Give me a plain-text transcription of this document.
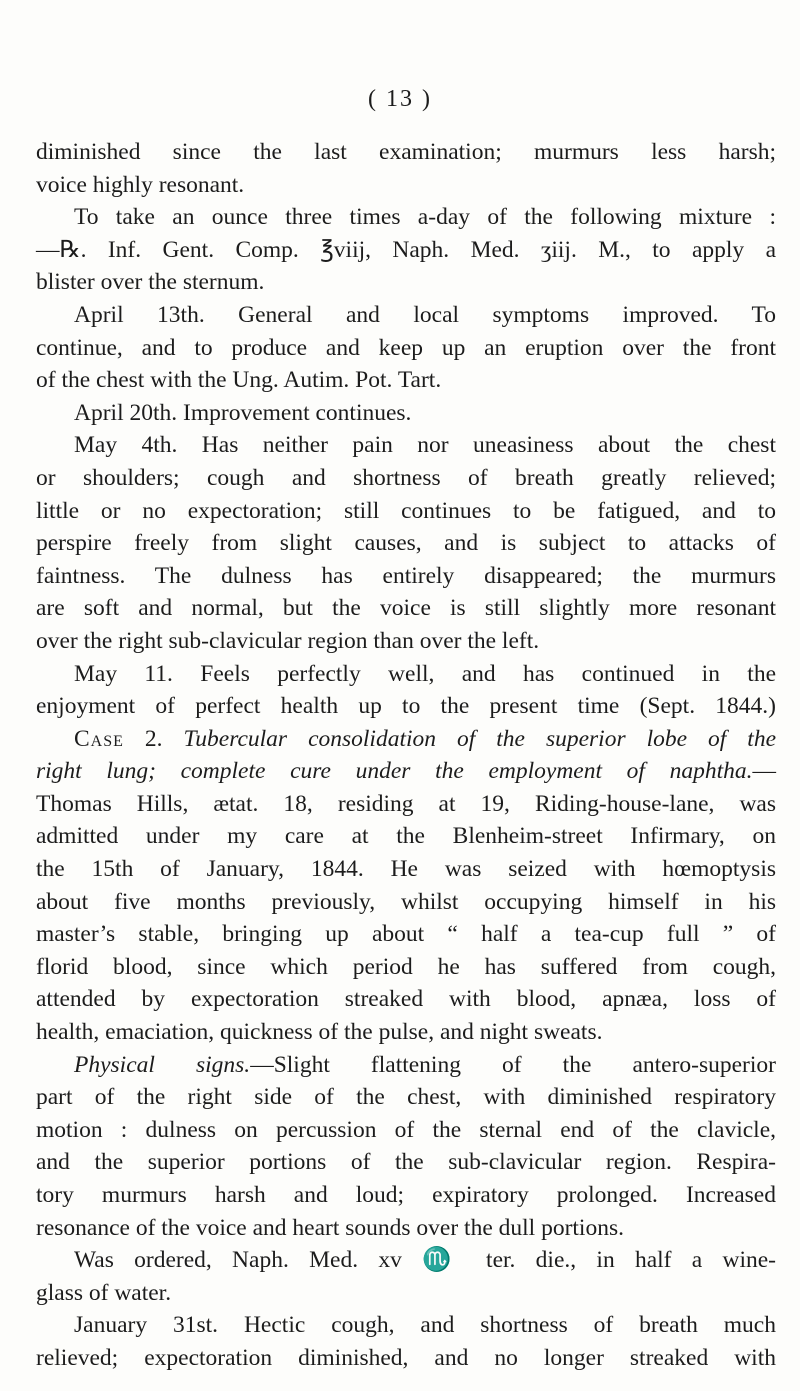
( 13 )
diminished since the last examination; murmurs less harsh;
voice highly resonant.
To take an ounce three times a-day of the following mixture :
—℞. Inf. Gent. Comp. ℥viij, Naph. Med. ʒiij. M., to apply a
blister over the sternum.
April 13th. General and local symptoms improved. To
continue, and to produce and keep up an eruption over the front
of the chest with the Ung. Autim. Pot. Tart.
April 20th. Improvement continues.
May 4th. Has neither pain nor uneasiness about the chest
or shoulders; cough and shortness of breath greatly relieved;
little or no expectoration; still continues to be fatigued, and to
perspire freely from slight causes, and is subject to attacks of
faintness. The dulness has entirely disappeared; the murmurs
are soft and normal, but the voice is still slightly more resonant
over the right sub-clavicular region than over the left.
May 11. Feels perfectly well, and has continued in the
enjoyment of perfect health up to the present time (Sept. 1844.)
Case 2. Tubercular consolidation of the superior lobe of the
right lung; complete cure under the employment of naphtha.—
Thomas Hills, ætat. 18, residing at 19, Riding-house-lane, was
admitted under my care at the Blenheim-street Infirmary, on
the 15th of January, 1844. He was seized with hœmoptysis
about five months previously, whilst occupying himself in his
master’s stable, bringing up about “ half a tea-cup full ” of
florid blood, since which period he has suffered from cough,
attended by expectoration streaked with blood, apnæa, loss of
health, emaciation, quickness of the pulse, and night sweats.
Physical signs.—Slight flattening of the antero-superior
part of the right side of the chest, with diminished respiratory
motion : dulness on percussion of the sternal end of the clavicle,
and the superior portions of the sub-clavicular region. Respira-
tory murmurs harsh and loud; expiratory prolonged. Increased
resonance of the voice and heart sounds over the dull portions.
Was ordered, Naph. Med. xv ♏ ter. die., in half a wine-
glass of water.
January 31st. Hectic cough, and shortness of breath much
relieved; expectoration diminished, and no longer streaked with
